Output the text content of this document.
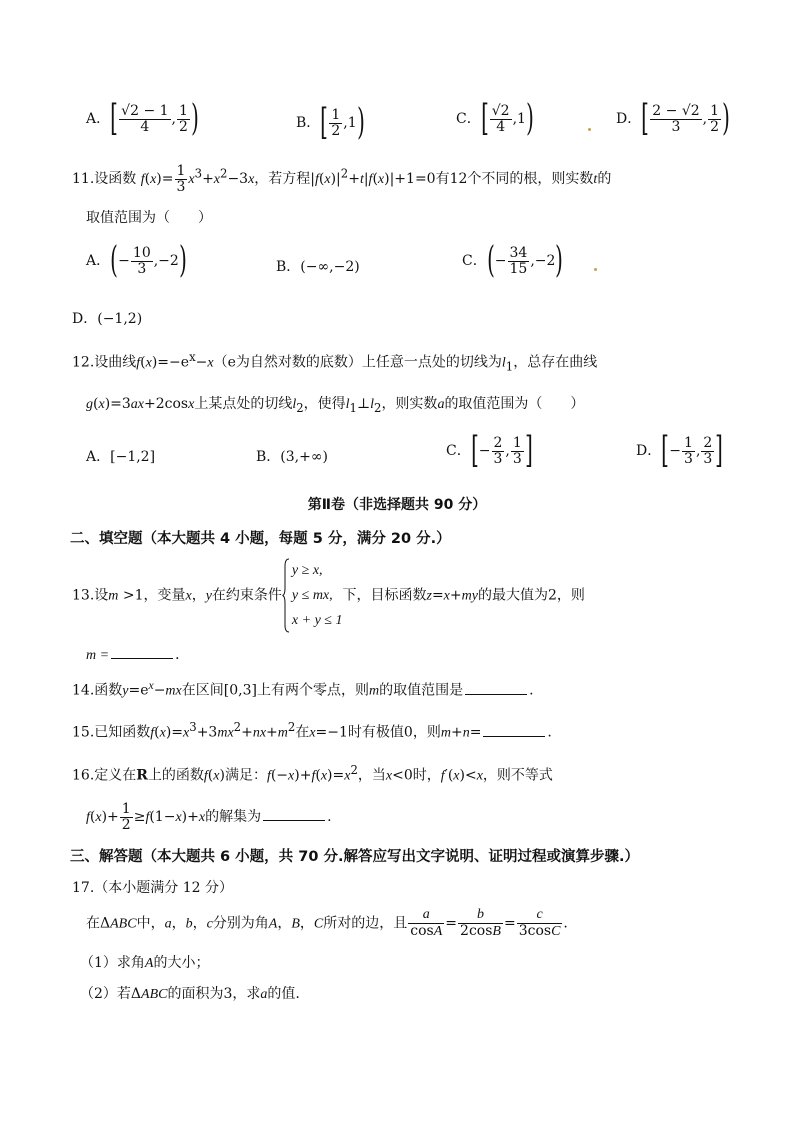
A．[ $\frac{√2 - 1}{4}$ , $\frac{1}{2}$ )	B．[ $\frac{1}{2} ,1$)	C．[ $\frac{√2}{4} ,1$)	D．[ $\frac{2 - √2}{3}$ , $\frac{1}{2}$ )
11.设函数 $f(x)= \frac{1}{3} x^3+x^2-3x$，若方程$|f(x)|^2+t|f(x)|+1=0$有12个不同的根，则实数t的
取值范围为（　　）
A．(− $\frac{10}{3} ,-2$)	B．(−∞,−2)	C．(− $\frac{34}{15} ,-2$)
D．(−1,2)
12.设曲线$f(x)=-e^x-x(e$为自然对数的底数）上任意一点处的切线为$l_1$，总存在曲线
g(x)=3ax+2cosx上某点处的切线$l_2$，使得$l_1\perp l_2$，则实数a的取值范围为（　　）
A．[−1,2]	B．(3,+∞)	C．[− $\frac{2}{3}$ , $\frac{1}{3}$ ]	D．[− $\frac{1}{3}$ , $\frac{2}{3}$ ]
第Ⅱ卷（非选择题共 90 分）
二、填空题（本大题共 4 小题，每题 5 分，满分 20 分.）
13.设m >1，变量x，y在约束条件
y ≥ x,
y ≤ mx,
x + y ≤ 1
下，目标函数z=x+my的最大值为2，则
m =	．
14.函数$y=e^x-mx$在区间[0,3]上有两个零点，则m的取值范围是	.
15.已知函数$f(x)=x^3+3mx^2+nx+m^2$在x=−1时有极值0，则m+n=	.
16.定义在R上的函数f(x)满足：$f(-x)+f(x)=x^2$，当x<0时，f′(x)<x，则不等式
$f(x)+ \frac{1}{2} \ge f(1-x)+x$的解集为	.
三、解答题（本大题共 6 小题，共 70 分.解答应写出文字说明、证明过程或演算步骤.）
17.（本小题满分 12 分）
在ΔABC中，a，b，c分别为角A，B，C所对的边，且 $\frac{a}{\cos A} = \frac{b}{2\cos B} = \frac{c}{3\cos C}$ .
（1）求角A的大小；
（2）若ΔABC的面积为3，求a的值.
